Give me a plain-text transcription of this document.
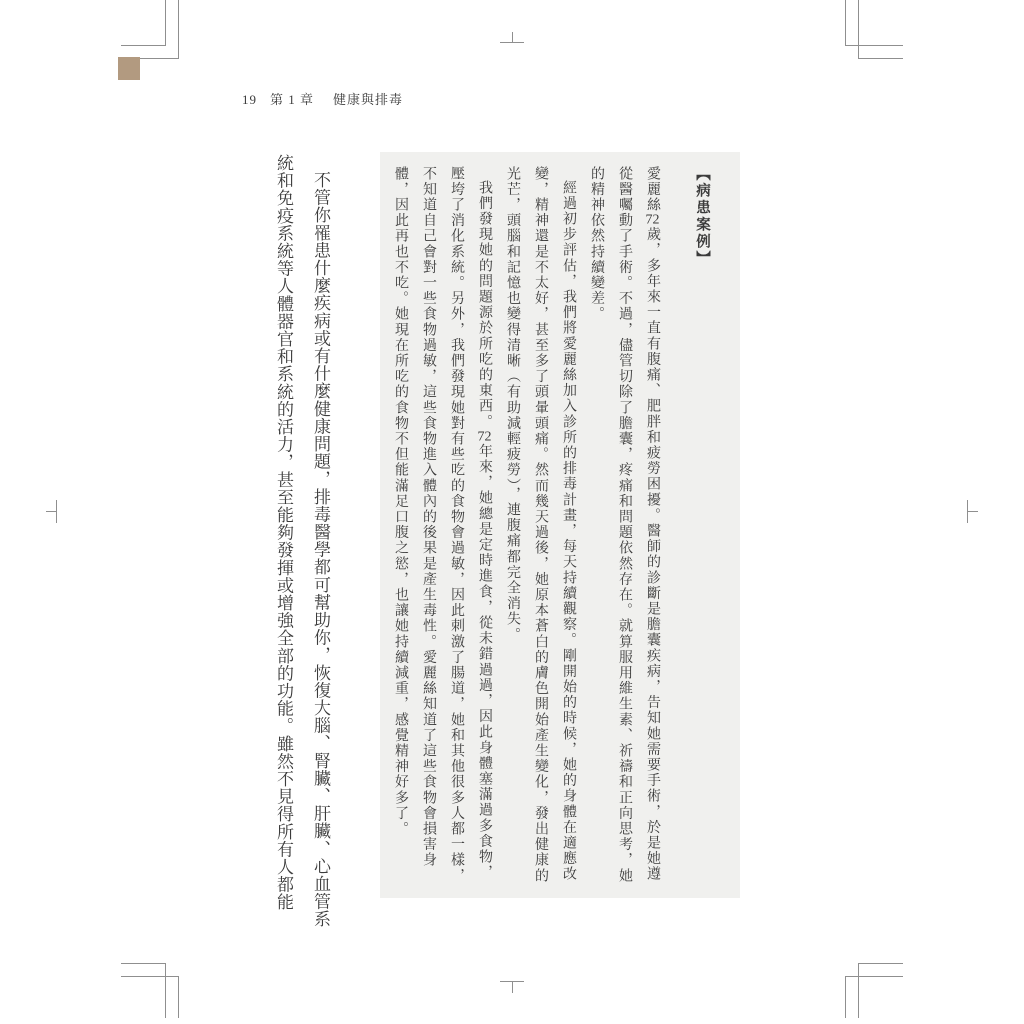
19 第 1 章 健康與排毒
【病患案例】

愛麗絲72歲，多年來一直有腹痛、肥胖和疲勞困擾。醫師的診斷是膽囊疾病，告知她需要手術，於是她遵從醫囑動了手術。不過，儘管切除了膽囊，疼痛和問題依然存在。就算服用維生素、祈禱和正向思考，她的精神依然持續變差。

經過初步評估，我們將愛麗絲加入診所的排毒計畫，每天持續觀察。剛開始的時候，她的身體在適應改變，精神還是不太好，甚至多了頭暈頭痛。然而幾天過後，她原本蒼白的膚色開始產生變化，發出健康的光芒，頭腦和記憶也變得清晰（有助減輕疲勞），連腹痛都完全消失。

我們發現她的問題源於所吃的東西。72年來，她總是定時進食，從未錯過過，因此身體塞滿過多食物，壓垮了消化系統。另外，我們發現她對有些吃的食物會過敏，因此刺激了腸道，她和其他很多人都一樣，不知道自己會對一些食物過敏，這些食物進入體內的後果是產生毒性。愛麗絲知道了這些食物會損害身體，因此再也不吃。她現在所吃的食物不但能滿足口腹之慾，也讓她持續減重，感覺精神好多了。

不管你罹患什麼疾病或有什麼健康問題，排毒醫學都可幫助你，恢復大腦、腎臟、肝臟、心血管系統和免疫系統等人體器官和系統的活力，甚至能夠發揮或增強全部的功能。雖然不見得所有人都能
